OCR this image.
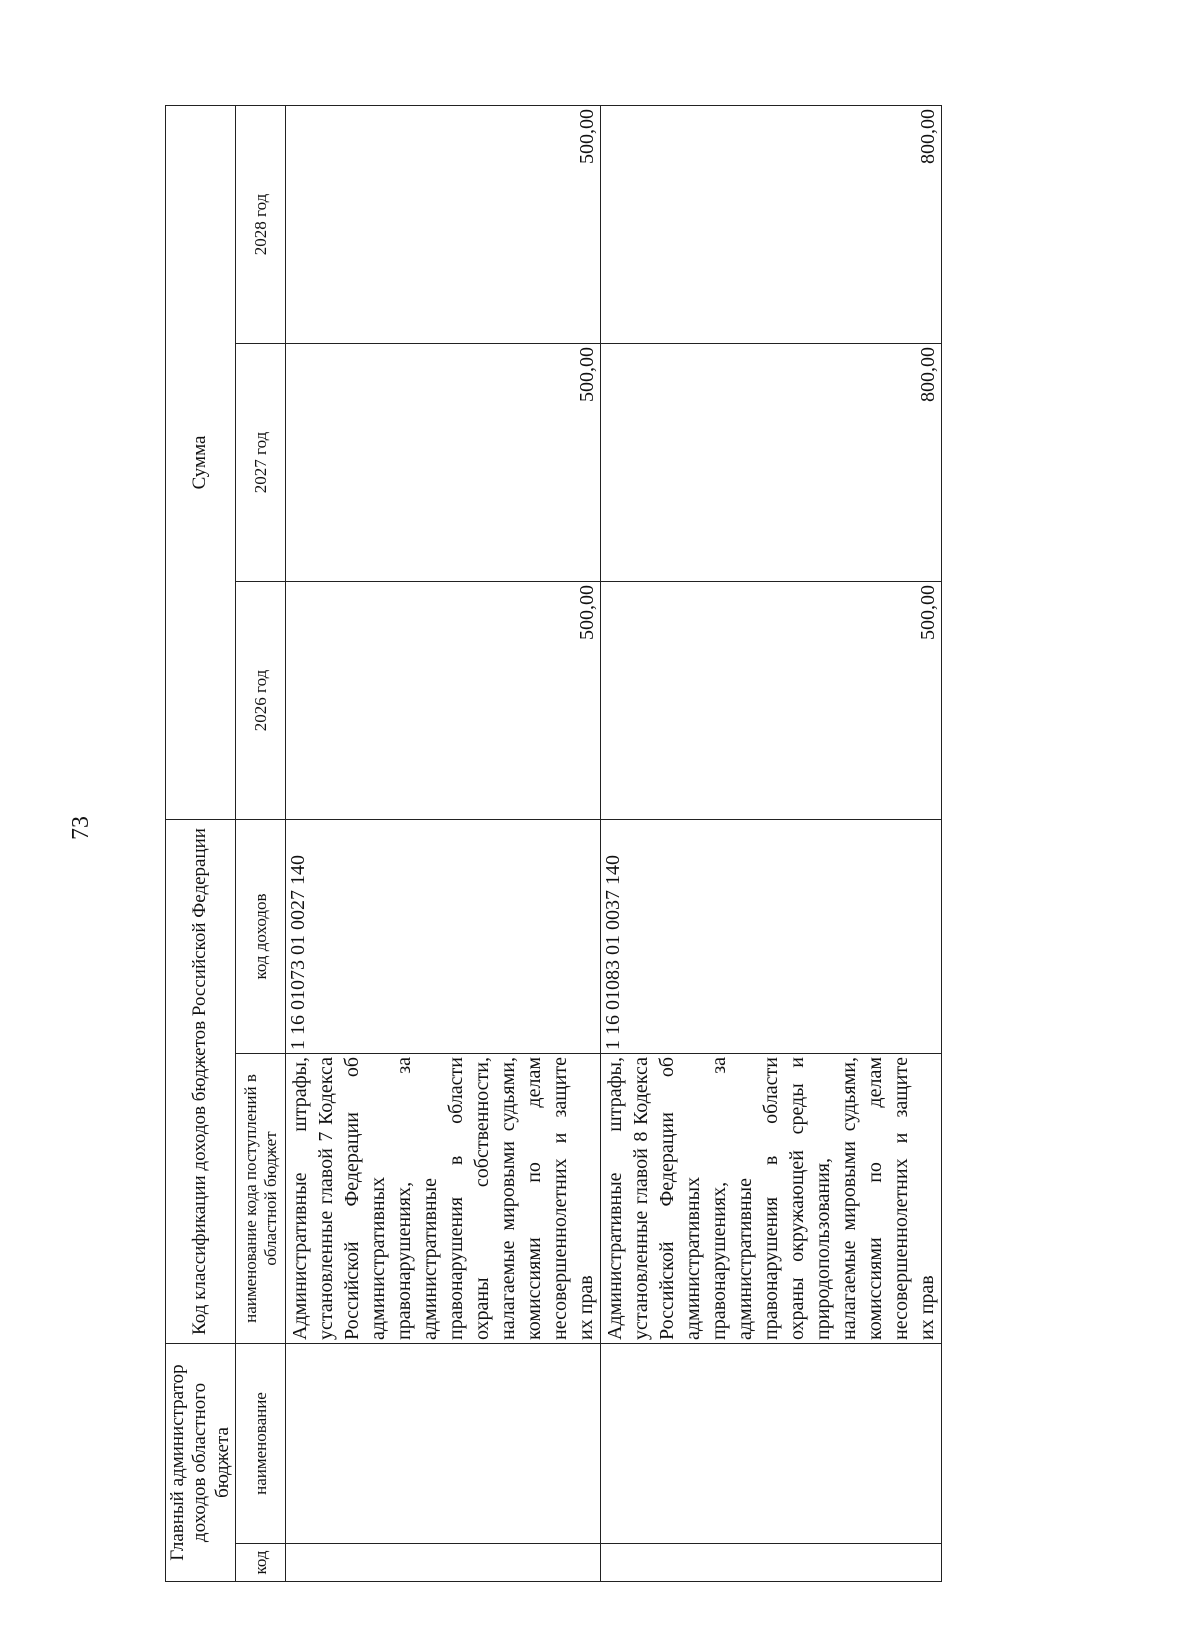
73
Главный администратор доходов областного бюджета		Код классификации доходов бюджетов Российской Федерации		Сумма		
код	наименование	наименование кода поступлений в областной бюджет	код доходов	2026 год	2027 год	2028 год
		Административные штрафы, установленные главой 7 Кодекса Российской Федерации об административных правонарушениях, за административные правонарушения в области охраны собственности, налагаемые мировыми судьями, комиссиями по делам несовершеннолетних и защите их прав	1 16 01073 01 0027 140	500,00	500,00	500,00
		Административные штрафы, установленные главой 8 Кодекса Российской Федерации об административных правонарушениях, за административные правонарушения в области охраны окружающей среды и природопользования, налагаемые мировыми судьями, комиссиями по делам несовершеннолетних и защите их прав	1 16 01083 01 0037 140	500,00	800,00	800,00
